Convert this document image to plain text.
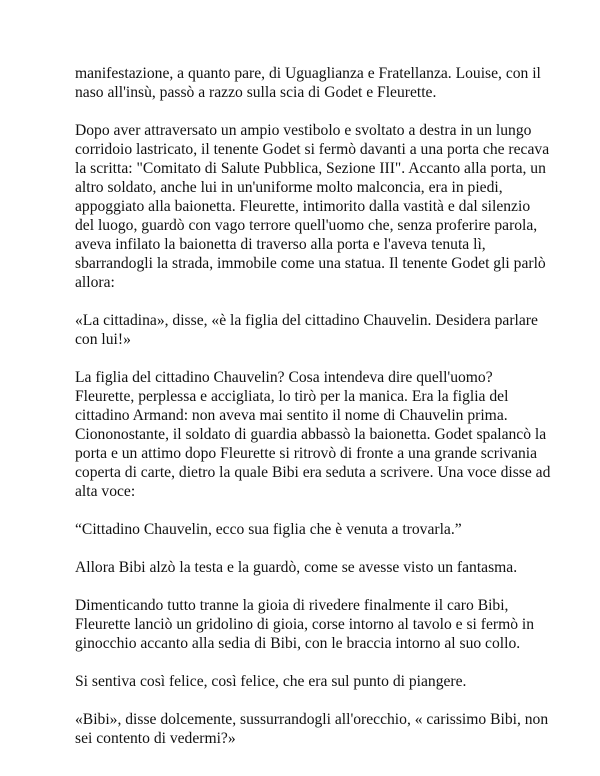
manifestazione, a quanto pare, di Uguaglianza e Fratellanza. Louise, con il
naso all'insù, passò a razzo sulla scia di Godet e Fleurette.

Dopo aver attraversato un ampio vestibolo e svoltato a destra in un lungo
corridoio lastricato, il tenente Godet si fermò davanti a una porta che recava
la scritta: "Comitato di Salute Pubblica, Sezione III". Accanto alla porta, un
altro soldato, anche lui in un'uniforme molto malconcia, era in piedi,
appoggiato alla baionetta. Fleurette, intimorito dalla vastità e dal silenzio
del luogo, guardò con vago terrore quell'uomo che, senza proferire parola,
aveva infilato la baionetta di traverso alla porta e l'aveva tenuta lì,
sbarrandogli la strada, immobile come una statua. Il tenente Godet gli parlò
allora:

«La cittadina», disse, «è la figlia del cittadino Chauvelin. Desidera parlare
con lui!»

La figlia del cittadino Chauvelin? Cosa intendeva dire quell'uomo?
Fleurette, perplessa e accigliata, lo tirò per la manica. Era la figlia del
cittadino Armand: non aveva mai sentito il nome di Chauvelin prima.
Ciononostante, il soldato di guardia abbassò la baionetta. Godet spalancò la
porta e un attimo dopo Fleurette si ritrovò di fronte a una grande scrivania
coperta di carte, dietro la quale Bibi era seduta a scrivere. Una voce disse ad
alta voce:

“Cittadino Chauvelin, ecco sua figlia che è venuta a trovarla.”

Allora Bibi alzò la testa e la guardò, come se avesse visto un fantasma.

Dimenticando tutto tranne la gioia di rivedere finalmente il caro Bibi,
Fleurette lanciò un gridolino di gioia, corse intorno al tavolo e si fermò in
ginocchio accanto alla sedia di Bibi, con le braccia intorno al suo collo.

Si sentiva così felice, così felice, che era sul punto di piangere.

«Bibi», disse dolcemente, sussurrandogli all'orecchio, « carissimo Bibi, non
sei contento di vedermi?»
